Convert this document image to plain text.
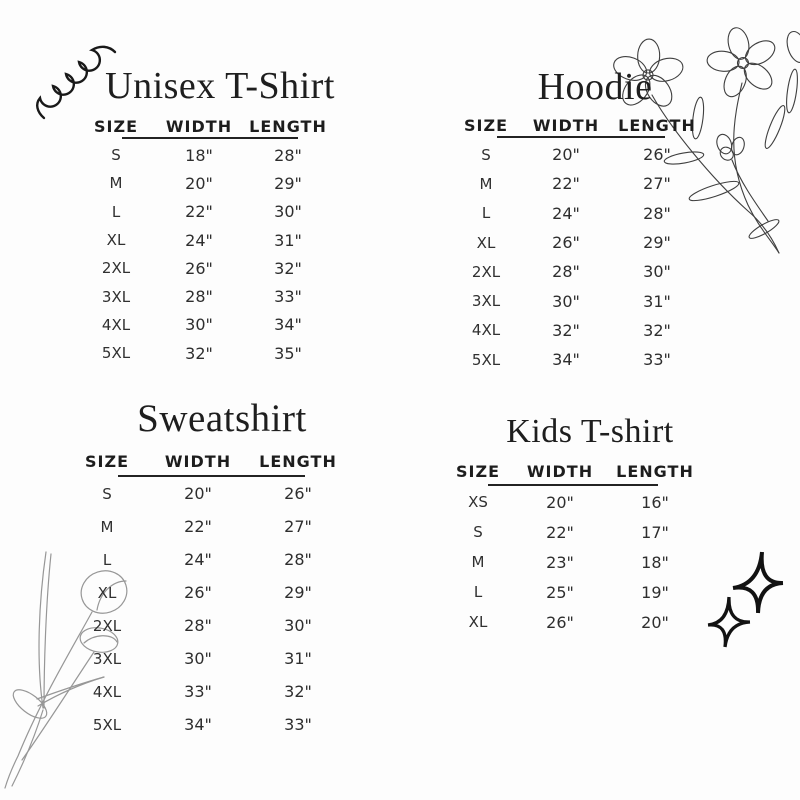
Unisex T-Shirt
SIZE WIDTH LENGTH
S	18"	28"
M	20"	29"
L	22"	30"
XL	24"	31"
2XL	26"	32"
3XL	28"	33"
4XL	30"	34"
5XL	32"	35"
Hoodie
SIZE WIDTH LENGTH
S	20"	26"
M	22"	27"
L	24"	28"
XL	26"	29"
2XL	28"	30"
3XL	30"	31"
4XL	32"	32"
5XL	34"	33"
Sweatshirt
SIZE WIDTH LENGTH
S	20"	26"
M	22"	27"
L	24"	28"
XL	26"	29"
2XL	28"	30"
3XL	30"	31"
4XL	33"	32"
5XL	34"	33"
Kids T-shirt
SIZE WIDTH LENGTH
XS	20"	16"
S	22"	17"
M	23"	18"
L	25"	19"
XL	26"	20"
